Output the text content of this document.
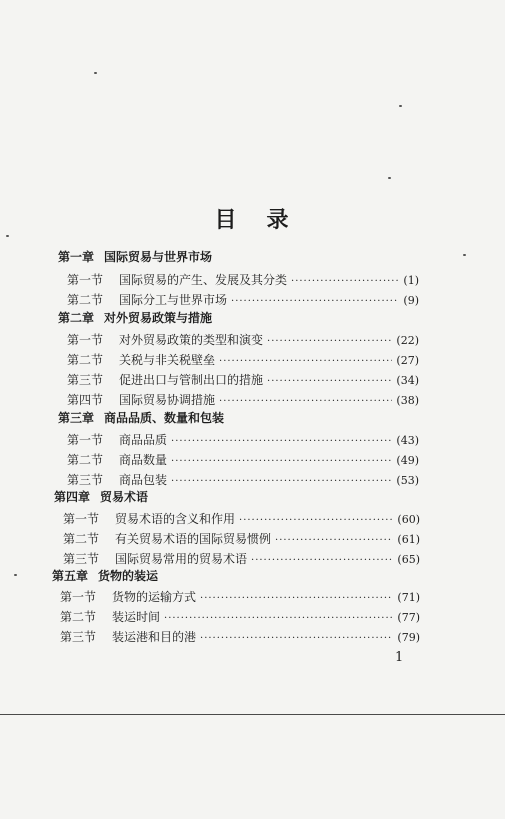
目 录
第一章 国际贸易与世界市场
第一节	国际贸易的产生、发展及其分类 ·····	(1)
第二节	国际分工与世界市场 ·····	(9)
第二章 对外贸易政策与措施
第一节	对外贸易政策的类型和演变 ·····	(22)
第二节	关税与非关税壁垒 ·····	(27)
第三节	促进出口与管制出口的措施 ·····	(34)
第四节	国际贸易协调措施 ·····	(38)
第三章 商品品质、数量和包装
第一节	商品品质 ·····	(43)
第二节	商品数量 ·····	(49)
第三节	商品包装 ·····	(53)
第四章 贸易术语
第一节	贸易术语的含义和作用 ·····	(60)
第二节	有关贸易术语的国际贸易惯例 ·····	(61)
第三节	国际贸易常用的贸易术语 ·····	(65)
第五章 货物的装运
第一节	货物的运输方式 ·····	(71)
第二节	装运时间 ·····	(77)
第三节	装运港和目的港 ·····	(79)
1
